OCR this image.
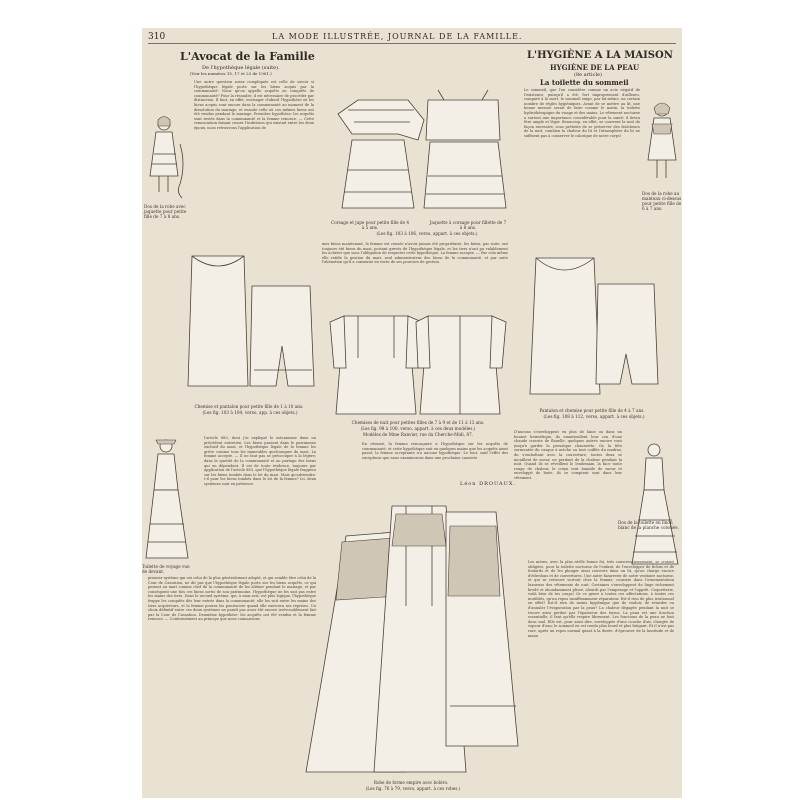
310	LA MODE ILLUSTRÉE, JOURNAL DE LA FAMILLE.
L'Avocat de la Famille
De l'hypothèque légale (suite).
(Voir les numéros 15, 17 et 23 de 1901.)
L'HYGIÈNE A LA MAISON
HYGIÈNE DE LA PEAU
(8e article)
La toilette du sommeil
Dos de la robe avec jaquette pour petite fille de 7 à 8 ans.
Une autre question assez compliquée est celle de savoir si l'hypothèque légale porte sur les biens acquis par la communauté. Nous qu'on appelle acquêts ou conquêts de communauté? Pour la résoudre, il est nécessaire de procéder par distinction. Il faut, en effet, envisager d'abord l'hypothèse où les biens acquis sont encore dans la communauté au moment de la dissolution du mariage, et ensuite celle où ces mêmes biens ont été vendus pendant le mariage. Première hypothèse: les acquêts sont restés dans la communauté et la femme renonce. — Cette renonciation faisant cesser l'indivision qui existait entre les deux époux, nous retrouvons l'application de
Corsage et jupe pour petite fille de 4 à 5 ans.
Jaquette à corsage pour fillette de 7 à 8 ans.
(Les fig. 103 à 106, verso, appart. à ces objets.)
Le sommeil, que l'on considère comme un acte négatif de l'existence, puisqu'il a été, fort improprement d'ailleurs, comparé à la mort, le sommeil exige, par lui-même, un certain nombre de règles hygiéniques. Avant de se mettre au lit, une bonne mesure serait de faire comme le matin, la toilette hydrothérapique du visage et des mains. Le vêtement nocturne a surtout une importance considérable pour la santé: il devra être ample et léger. Beaucoup, en effet, se couvrent la nuit de façon excessive, sous prétexte de se préserver des fraîcheurs de la nuit; combien la chaleur du lit et l'atmosphère du lit ne suffisent pas à conserver le calorique de notre corps!
Dos de la robe au manteau ci-dessus pour petite fille de 6 à 7 ans.
Chemise et pantalon pour petite fille de 1 à 10 ans.
(Les fig. 103 à 104, verso, app. à ces objets.)
mes biens maintenant, la femme est censée n'avoir jamais été propriétaire, les biens, par suite, ont toujours été biens du mari, portant grevés de l'hypothèque légale, et les tiers n'ont pu valablement les acheter que sous l'obligation de respecter cette hypothèque. La femme accepte. — Par cela même elle ratifie la gestion du mari, seul administrateur des biens de la communauté, et par suite l'aliénation qu'il a consentie en vertu de ses pouvoirs de gestion.
Chemises de nuit pour petites filles de 7 à 9 et de 11 à 13 ans.
(Les fig. 98 à 100, verso, appart. à ces deux modèles.)
Modèles de Mme Ranvier, rue du Cherche-Midi, 87.
Pantalon et chemise pour petite fille de 4 à 7 ans.
(Les fig. 108 à 112, verso, appart. à ces objets.)
Toilette de voyage vue de devant.
l'article 883, dont j'ai expliqué le mécanisme dans un précédent entretien. Les biens passent dans le patrimoine exclusif du mari, et l'hypothèque légale de la femme les grève comme tous les immeubles quelconques du mari. La femme accepte. — Il ne faut pas se préoccuper à la légère; dans la quotité de la communauté et au partage des biens qui en dépendent. Il est de toute évidence, toujours par application de l'article 883, que l'hypothèque légale frappera sur les biens tombés dans le lot du mari. Mais qu'adviendra-t-il pour les biens tombés dans le lot de la femme? Ici, deux systèmes sont en présence.
En résumé, la femme renonçante a l'hypothèque sur les acquêts de communauté, et cette hypothèque suit en quelques mains que les acquêts aient passé; la femme acceptante n'a aucune hypothèque. Le tout, sauf l'effet des exceptions que nous examinerons dans une prochaine causerie.
Léon DROUAUX.
D'aucuns s'enveloppent en plus de laine ou dans un bonnet hermétique, ils emmitouflent leur cou d'une chaude cravate de flanelle; quelques autres encore vont jusqu'à garder la prosaïque chaussette. Or, la tête surmontée du casque à mèche ou tout coiffée du madras, du s'emboîtant avec la couverture, toutes deux se mouillent de sueur, en perdant de la chaleur pendant la nuit. Quand ils se réveillent le lendemain, la face toute rouge de chaleur, le corps tout humide de sueur et enveloppé de buée, ils se comptent sont dans leur vêtement.
Dos de la toilette en linon blanc de la planche coloriée.
premier système qui est celui de la plus généralement adopté, et qui semble être celui de la Cour de Cassation, ne dit pas que l'hypothèque légale porte sur les biens acquêts, ce qui permet au mari comme chef de la communauté de les aliéner pendant le mariage, et par conséquent une fois ces biens sortis de son patrimoine, l'hypothèque ne les suit pas entre les mains des tiers. Dans le second système, qui, à mon avis, est plus logique, l'hypothèque frappe les conquêts dès leur entrée dans la communauté; elle les suit entre les mains des tiers acquéreurs, et la femme pourra les poursuivre quand elle exercera ses reprises. Un choix définitif entre ces deux systèmes ne paraît pas avoir été encore irrévocablement fait par la Cour de Cassation. Deuxième hypothèse: les acquêts ont été vendus et la femme renonce. — Conformément au principe que nous connaissons
Robe de forme empire avec boléro.
(Les fig. 76 à 79, verso, appart. à ces robes.)
Les mères, avec la plus réelle bonne foi, très consciencieusement, se croient obligées, pour la toilette nocturne de l'enfant, de l'envelopper de fichus et de foulards et de les plonger ainsi couverts dans un lit, qu'on charge encore d'édredons et de couvertures. Une autre bizarrerie de notre vestiaire nocturne, et qui se retrouve surtout chez la femme, consiste dans l'ornementation luxueuse des vêtements de nuit. Certaines s'enveloppent de linge richement brodé et abondamment plissé, alourdi par l'empesage et l'apprêt. Coquetterie, voilà bien de tes coups! Or ce genre à toutes ces affectations, à toutes ces inutilités, qu'un repos insuffisamment réparateur. Est-il rien de plus irrationnel en effet? Est-il rien de moins hygiénique que de vouloir, de retarder ou d'annuler l'évaporation par la peau? La chaleur dégagée pendant la nuit se trouve ainsi perdue par l'épaisseur des tissus. La peau est une fonction essentielle, il faut qu'elle respire librement. Les fonctions de la peau ne font donc mal. Elle est, pour ainsi dire, enveloppée d'une couche d'air, chargée de vapeur d'eau; le sommeil en est rendu plus lourd et plus fatigant. Et il n'est pas rare, après un repos normal quant à la durée, d'éprouver de la lassitude et de maux
